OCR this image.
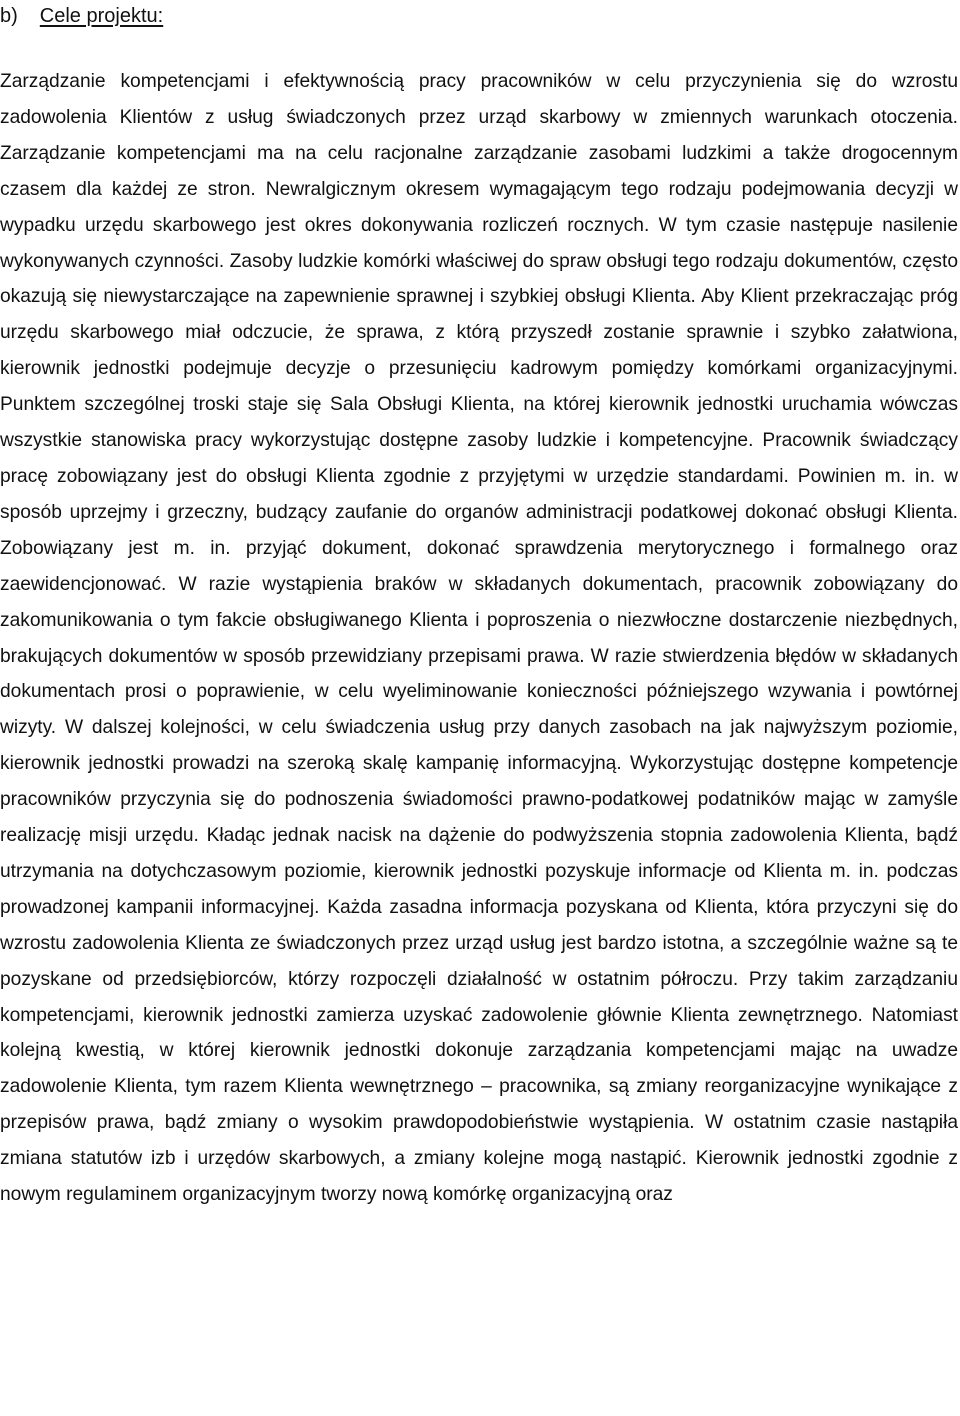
b) Cele projektu:

Zarządzanie kompetencjami i efektywnością pracy pracowników w celu przyczynienia się do wzrostu zadowolenia Klientów z usług świadczonych przez urząd skarbowy w zmiennych warunkach otoczenia. Zarządzanie kompetencjami ma na celu racjonalne zarządzanie zasobami ludzkimi a także drogocennym czasem dla każdej ze stron. Newralgicznym okresem wymagającym tego rodzaju podejmowania decyzji w wypadku urzędu skarbowego jest okres dokonywania rozliczeń rocznych. W tym czasie następuje nasilenie wykonywanych czynności. Zasoby ludzkie komórki właściwej do spraw obsługi tego rodzaju dokumentów, często okazują się niewystarczające na zapewnienie sprawnej i szybkiej obsługi Klienta. Aby Klient przekraczając próg urzędu skarbowego miał odczucie, że sprawa, z którą przyszedł zostanie sprawnie i szybko załatwiona, kierownik jednostki podejmuje decyzje o przesunięciu kadrowym pomiędzy komórkami organizacyjnymi. Punktem szczególnej troski staje się Sala Obsługi Klienta, na której kierownik jednostki uruchamia wówczas wszystkie stanowiska pracy wykorzystując dostępne zasoby ludzkie i kompetencyjne. Pracownik świadczący pracę zobowiązany jest do obsługi Klienta zgodnie z przyjętymi w urzędzie standardami. Powinien m. in. w sposób uprzejmy i grzeczny, budzący zaufanie do organów administracji podatkowej dokonać obsługi Klienta. Zobowiązany jest m. in. przyjąć dokument, dokonać sprawdzenia merytorycznego i formalnego oraz zaewidencjonować. W razie wystąpienia braków w składanych dokumentach, pracownik zobowiązany do zakomunikowania o tym fakcie obsługiwanego Klienta i poproszenia o niezwłoczne dostarczenie niezbędnych, brakujących dokumentów w sposób przewidziany przepisami prawa. W razie stwierdzenia błędów w składanych dokumentach prosi o poprawienie, w celu wyeliminowanie konieczności późniejszego wzywania i powtórnej wizyty. W dalszej kolejności, w celu świadczenia usług przy danych zasobach na jak najwyższym poziomie, kierownik jednostki prowadzi na szeroką skalę kampanię informacyjną. Wykorzystując dostępne kompetencje pracowników przyczynia się do podnoszenia świadomości prawno-podatkowej podatników mając w zamyśle realizację misji urzędu. Kładąc jednak nacisk na dążenie do podwyższenia stopnia zadowolenia Klienta, bądź utrzymania na dotychczasowym poziomie, kierownik jednostki pozyskuje informacje od Klienta m. in. podczas prowadzonej kampanii informacyjnej. Każda zasadna informacja pozyskana od Klienta, która przyczyni się do wzrostu zadowolenia Klienta ze świadczonych przez urząd usług jest bardzo istotna, a szczególnie ważne są te pozyskane od przedsiębiorców, którzy rozpoczęli działalność w ostatnim półroczu. Przy takim zarządzaniu kompetencjami, kierownik jednostki zamierza uzyskać zadowolenie głównie Klienta zewnętrznego. Natomiast kolejną kwestią, w której kierownik jednostki dokonuje zarządzania kompetencjami mając na uwadze zadowolenie Klienta, tym razem Klienta wewnętrznego – pracownika, są zmiany reorganizacyjne wynikające z przepisów prawa, bądź zmiany o wysokim prawdopodobieństwie wystąpienia. W ostatnim czasie nastąpiła zmiana statutów izb i urzędów skarbowych, a zmiany kolejne mogą nastąpić. Kierownik jednostki zgodnie z nowym regulaminem organizacyjnym tworzy nową komórkę organizacyjną oraz
